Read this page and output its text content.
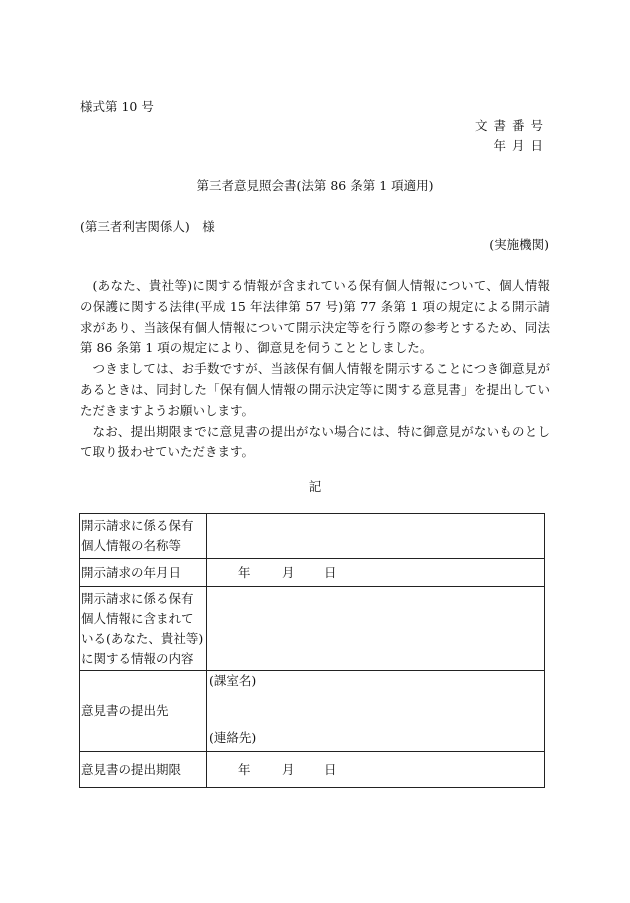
様式第 10 号
文書番号
年月日
第三者意見照会書(法第 86 条第 1 項適用)
(第三者利害関係人)　様
(実施機関)

(あなた、貴社等)に関する情報が含まれている保有個人情報について、個人情報の保護に関する法律(平成 15 年法律第 57 号)第 77 条第 1 項の規定による開示請求があり、当該保有個人情報について開示決定等を行う際の参考とするため、同法第 86 条第 1 項の規定により、御意見を伺うこととしました。

つきましては、お手数ですが、当該保有個人情報を開示することにつき御意見があるときは、同封した「保有個人情報の開示決定等に関する意見書」を提出していただきますようお願いします。

なお、提出期限までに意見書の提出がない場合には、特に御意見がないものとして取り扱わせていただきます。

記
開示請求に係る保有個人情報の名称等	
開示請求の年月日	年 月 日
開示請求に係る保有個人情報に含まれている(あなた、貴社等)に関する情報の内容	
意見書の提出先	(課室名)
(連絡先)

意見書の提出期限	年 月 日
